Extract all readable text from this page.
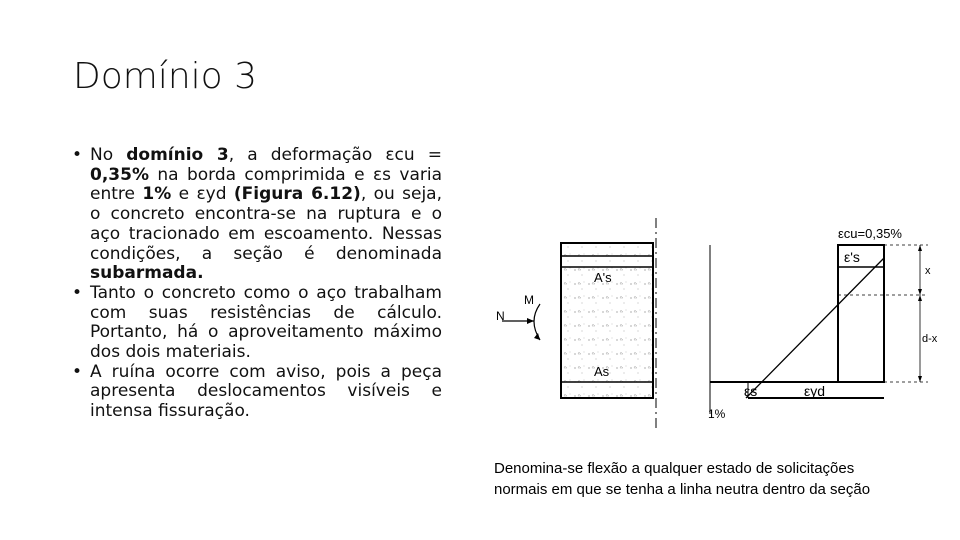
Domínio 3
• No domínio 3, a deformação εcu = 0,35% na borda comprimida e εs varia entre 1% e εyd (Figura 6.12), ou seja, o concreto encontra-se na ruptura e o aço tracionado em escoamento. Nessas condições, a seção é denominada subarmada.
• Tanto o concreto como o aço trabalham com suas resistências de cálculo. Portanto, há o aproveitamento máximo dos dois materiais.
• A ruína ocorre com aviso, pois a peça apresenta deslocamentos visíveis e intensa fissuração.
A's
As
N
M
εcu=0,35%
ε's
x
d-x
εs	εyd
1%
Denomina-se flexão a qualquer estado de solicitações
normais em que se tenha a linha neutra dentro da seção
